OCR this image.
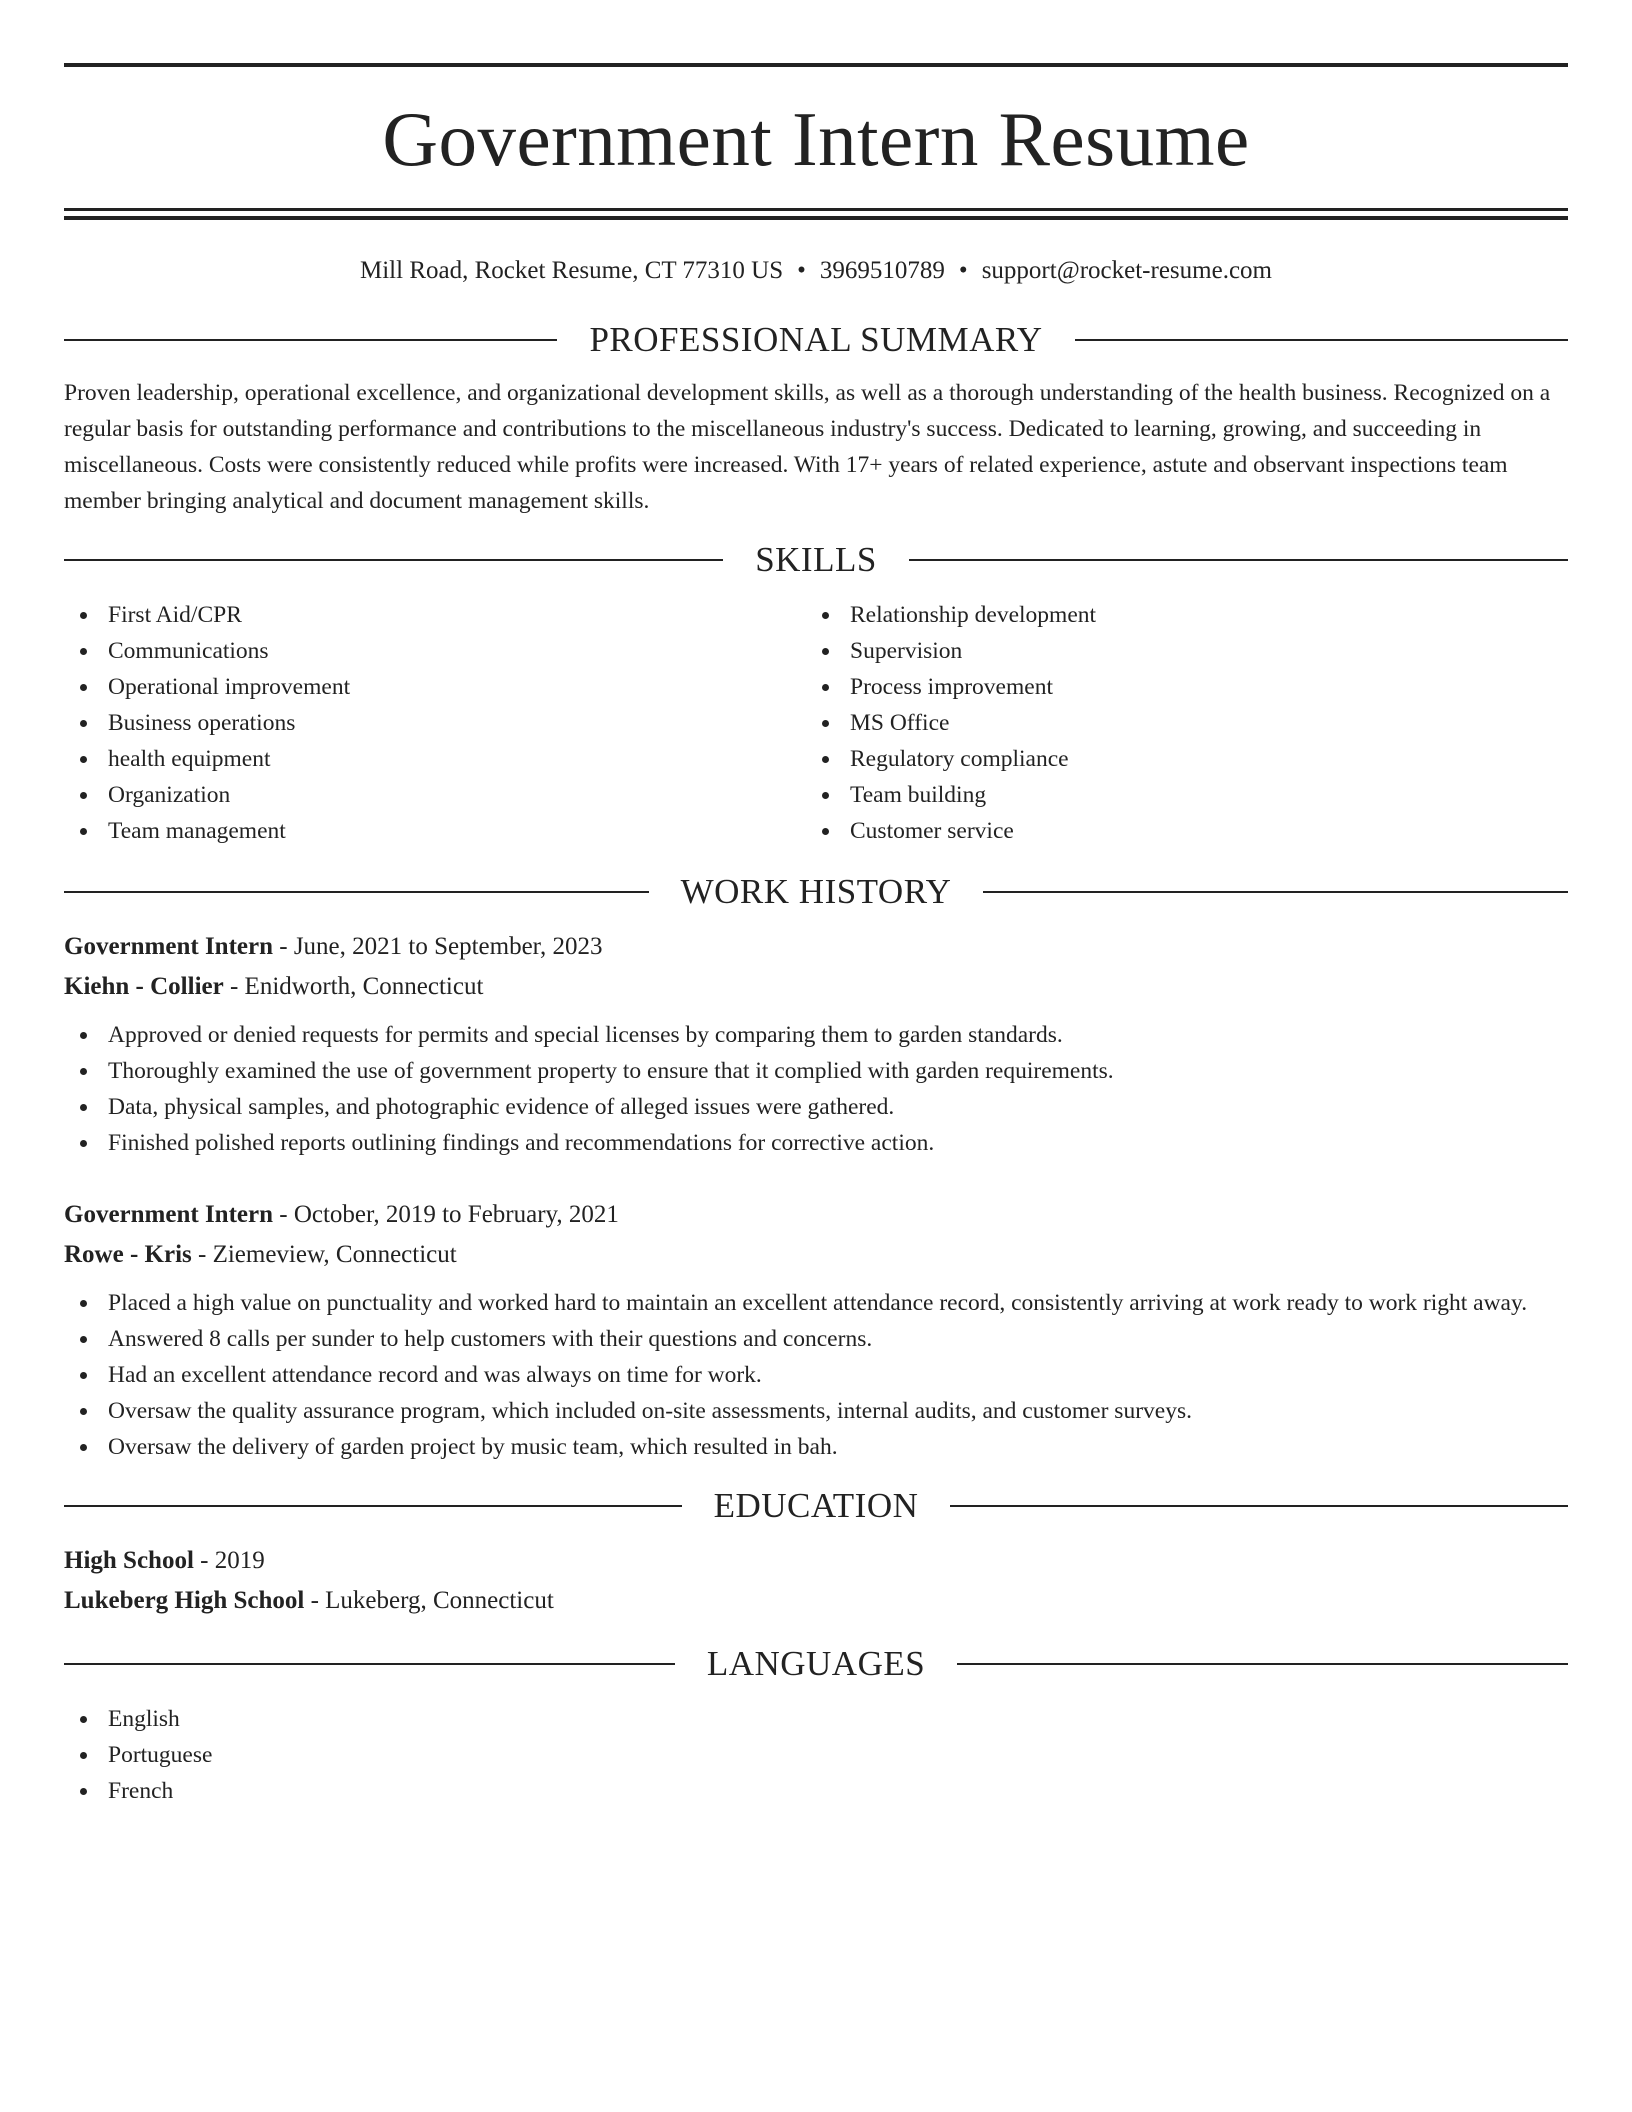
Government Intern Resume
Mill Road, Rocket Resume, CT 77310 US • 3969510789 • support@rocket-resume.com
PROFESSIONAL SUMMARY

Proven leadership, operational excellence, and organizational development skills, as well as a thorough understanding of the health business. Recognized on a regular basis for outstanding performance and contributions to the miscellaneous industry's success. Dedicated to learning, growing, and succeeding in miscellaneous. Costs were consistently reduced while profits were increased. With 17+ years of related experience, astute and observant inspections team member bringing analytical and document management skills.

SKILLS
First Aid/CPR
Communications
Operational improvement
Business operations
health equipment
Organization
Team management
Relationship development
Supervision
Process improvement
MS Office
Regulatory compliance
Team building
Customer service
WORK HISTORY
Government Intern - June, 2021 to September, 2023
Kiehn - Collier - Enidworth, Connecticut
Approved or denied requests for permits and special licenses by comparing them to garden standards.
Thoroughly examined the use of government property to ensure that it complied with garden requirements.
Data, physical samples, and photographic evidence of alleged issues were gathered.
Finished polished reports outlining findings and recommendations for corrective action.
Government Intern - October, 2019 to February, 2021
Rowe - Kris - Ziemeview, Connecticut
Placed a high value on punctuality and worked hard to maintain an excellent attendance record, consistently arriving at work ready to work right away.
Answered 8 calls per sunder to help customers with their questions and concerns.
Had an excellent attendance record and was always on time for work.
Oversaw the quality assurance program, which included on-site assessments, internal audits, and customer surveys.
Oversaw the delivery of garden project by music team, which resulted in bah.
EDUCATION
High School - 2019
Lukeberg High School - Lukeberg, Connecticut
LANGUAGES
English
Portuguese
French
